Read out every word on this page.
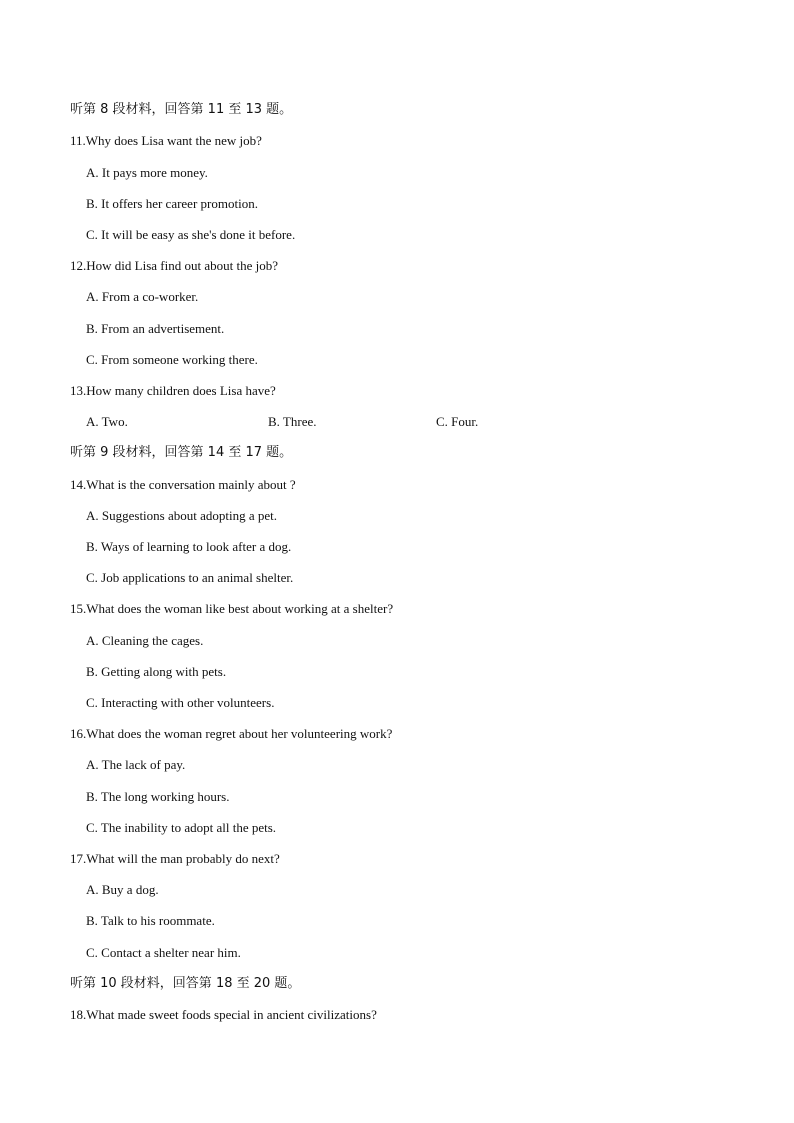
听第 8 段材料，回答第 11 至 13 题。
11.Why does Lisa want the new job?
A. It pays more money.
B. It offers her career promotion.
C. It will be easy as she's done it before.
12.How did Lisa find out about the job?
A. From a co-worker.
B. From an advertisement.
C. From someone working there.
13.How many children does Lisa have?
A. Two.	B. Three.	C. Four.
听第 9 段材料，回答第 14 至 17 题。
14.What is the conversation mainly about ?
A. Suggestions about adopting a pet.
B. Ways of learning to look after a dog.
C. Job applications to an animal shelter.
15.What does the woman like best about working at a shelter?
A. Cleaning the cages.
B. Getting along with pets.
C. Interacting with other volunteers.
16.What does the woman regret about her volunteering work?
A. The lack of pay.
B. The long working hours.
C. The inability to adopt all the pets.
17.What will the man probably do next?
A. Buy a dog.
B. Talk to his roommate.
C. Contact a shelter near him.
听第 10 段材料，回答第 18 至 20 题。
18.What made sweet foods special in ancient civilizations?
